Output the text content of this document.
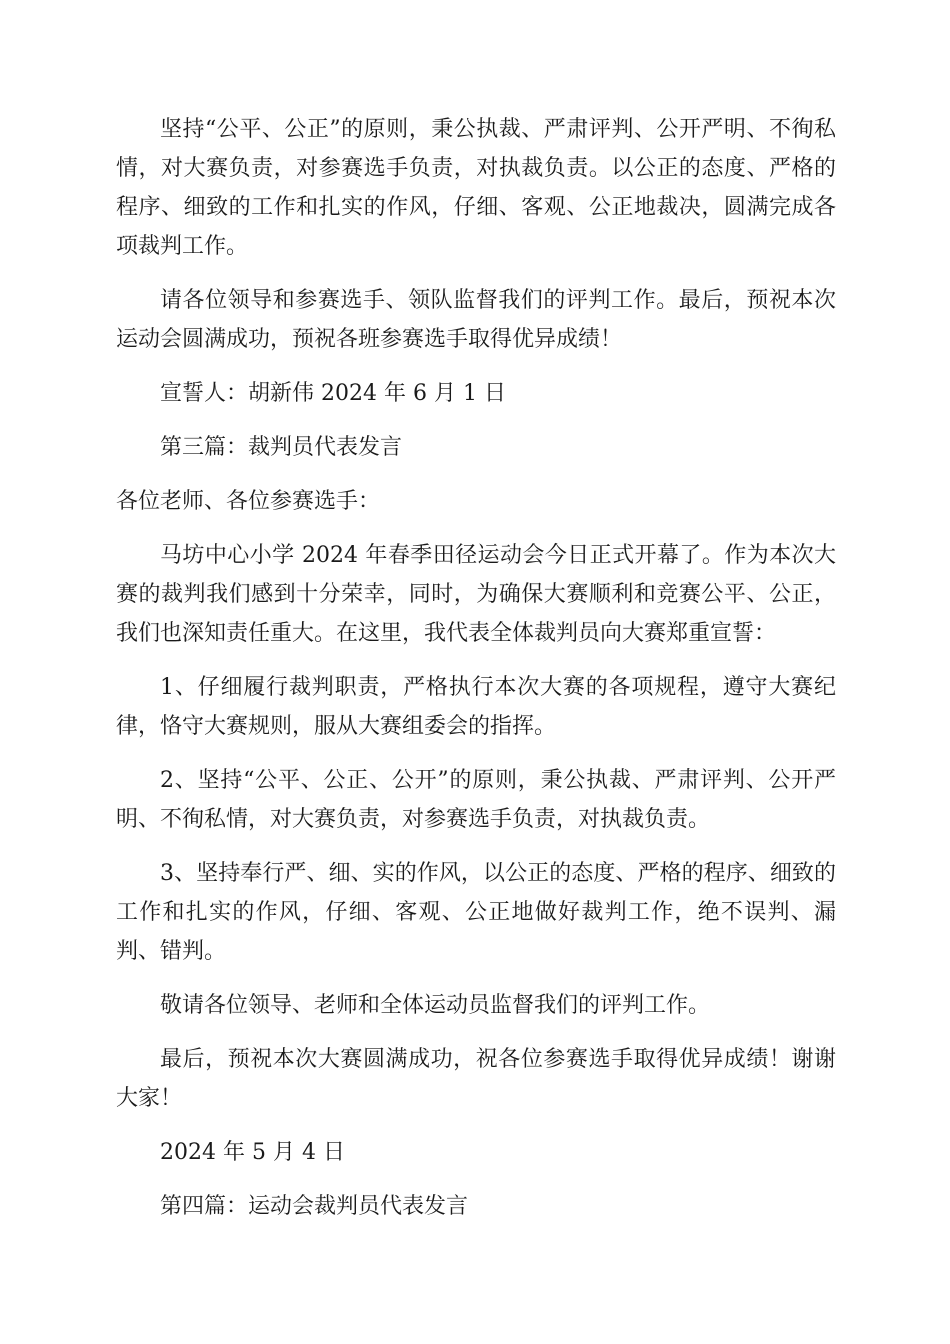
坚持“公平、公正”的原则，秉公执裁、严肃评判、公开严明、不徇私情，对大赛负责，对参赛选手负责，对执裁负责。以公正的态度、严格的程序、细致的工作和扎实的作风，仔细、客观、公正地裁决，圆满完成各项裁判工作。

请各位领导和参赛选手、领队监督我们的评判工作。最后，预祝本次运动会圆满成功，预祝各班参赛选手取得优异成绩！

宣誓人：胡新伟 2024 年 6 月 1 日

第三篇：裁判员代表发言

各位老师、各位参赛选手：

马坊中心小学 2024 年春季田径运动会今日正式开幕了。作为本次大赛的裁判我们感到十分荣幸，同时，为确保大赛顺利和竞赛公平、公正，我们也深知责任重大。在这里，我代表全体裁判员向大赛郑重宣誓：

1、仔细履行裁判职责，严格执行本次大赛的各项规程，遵守大赛纪律，恪守大赛规则，服从大赛组委会的指挥。

2、坚持“公平、公正、公开”的原则，秉公执裁、严肃评判、公开严明、不徇私情，对大赛负责，对参赛选手负责，对执裁负责。

3、坚持奉行严、细、实的作风，以公正的态度、严格的程序、细致的工作和扎实的作风，仔细、客观、公正地做好裁判工作，绝不误判、漏判、错判。

敬请各位领导、老师和全体运动员监督我们的评判工作。

最后，预祝本次大赛圆满成功，祝各位参赛选手取得优异成绩！谢谢大家！

2024 年 5 月 4 日

第四篇：运动会裁判员代表发言
